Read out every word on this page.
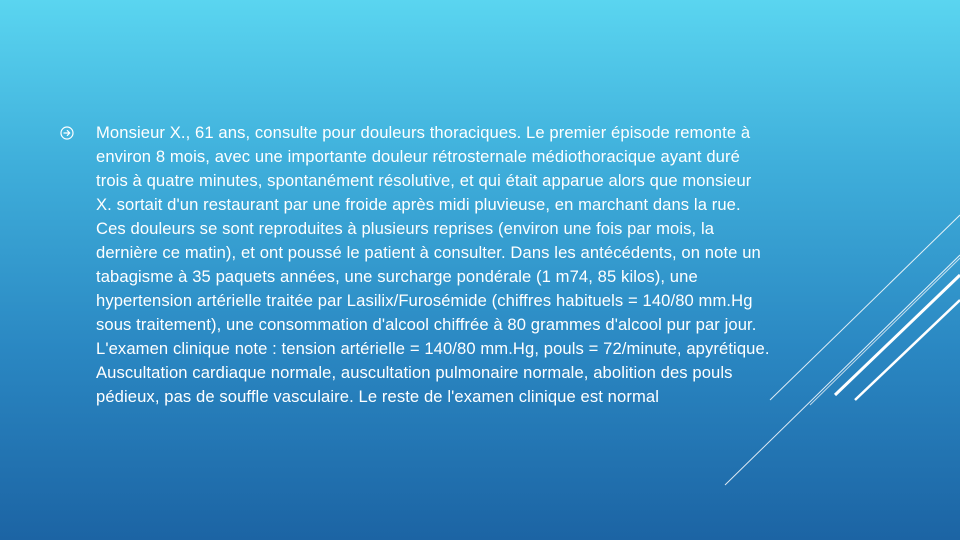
Monsieur X., 61 ans, consulte pour douleurs thoraciques. Le premier épisode remonte à
environ 8 mois, avec une importante douleur rétrosternale médiothoracique ayant duré
trois à quatre minutes, spontanément résolutive, et qui était apparue alors que monsieur
X. sortait d'un restaurant par une froide après midi pluvieuse, en marchant dans la rue.
Ces douleurs se sont reproduites à plusieurs reprises (environ une fois par mois, la
dernière ce matin), et ont poussé le patient à consulter. Dans les antécédents, on note un
tabagisme à 35 paquets années, une surcharge pondérale (1 m74, 85 kilos), une
hypertension artérielle traitée par Lasilix/Furosémide (chiffres habituels = 140/80 mm.Hg
sous traitement), une consommation d'alcool chiffrée à 80 grammes d'alcool pur par jour.
L'examen clinique note : tension artérielle = 140/80 mm.Hg, pouls = 72/minute, apyrétique.
Auscultation cardiaque normale, auscultation pulmonaire normale, abolition des pouls
pédieux, pas de souffle vasculaire. Le reste de l'examen clinique est normal
